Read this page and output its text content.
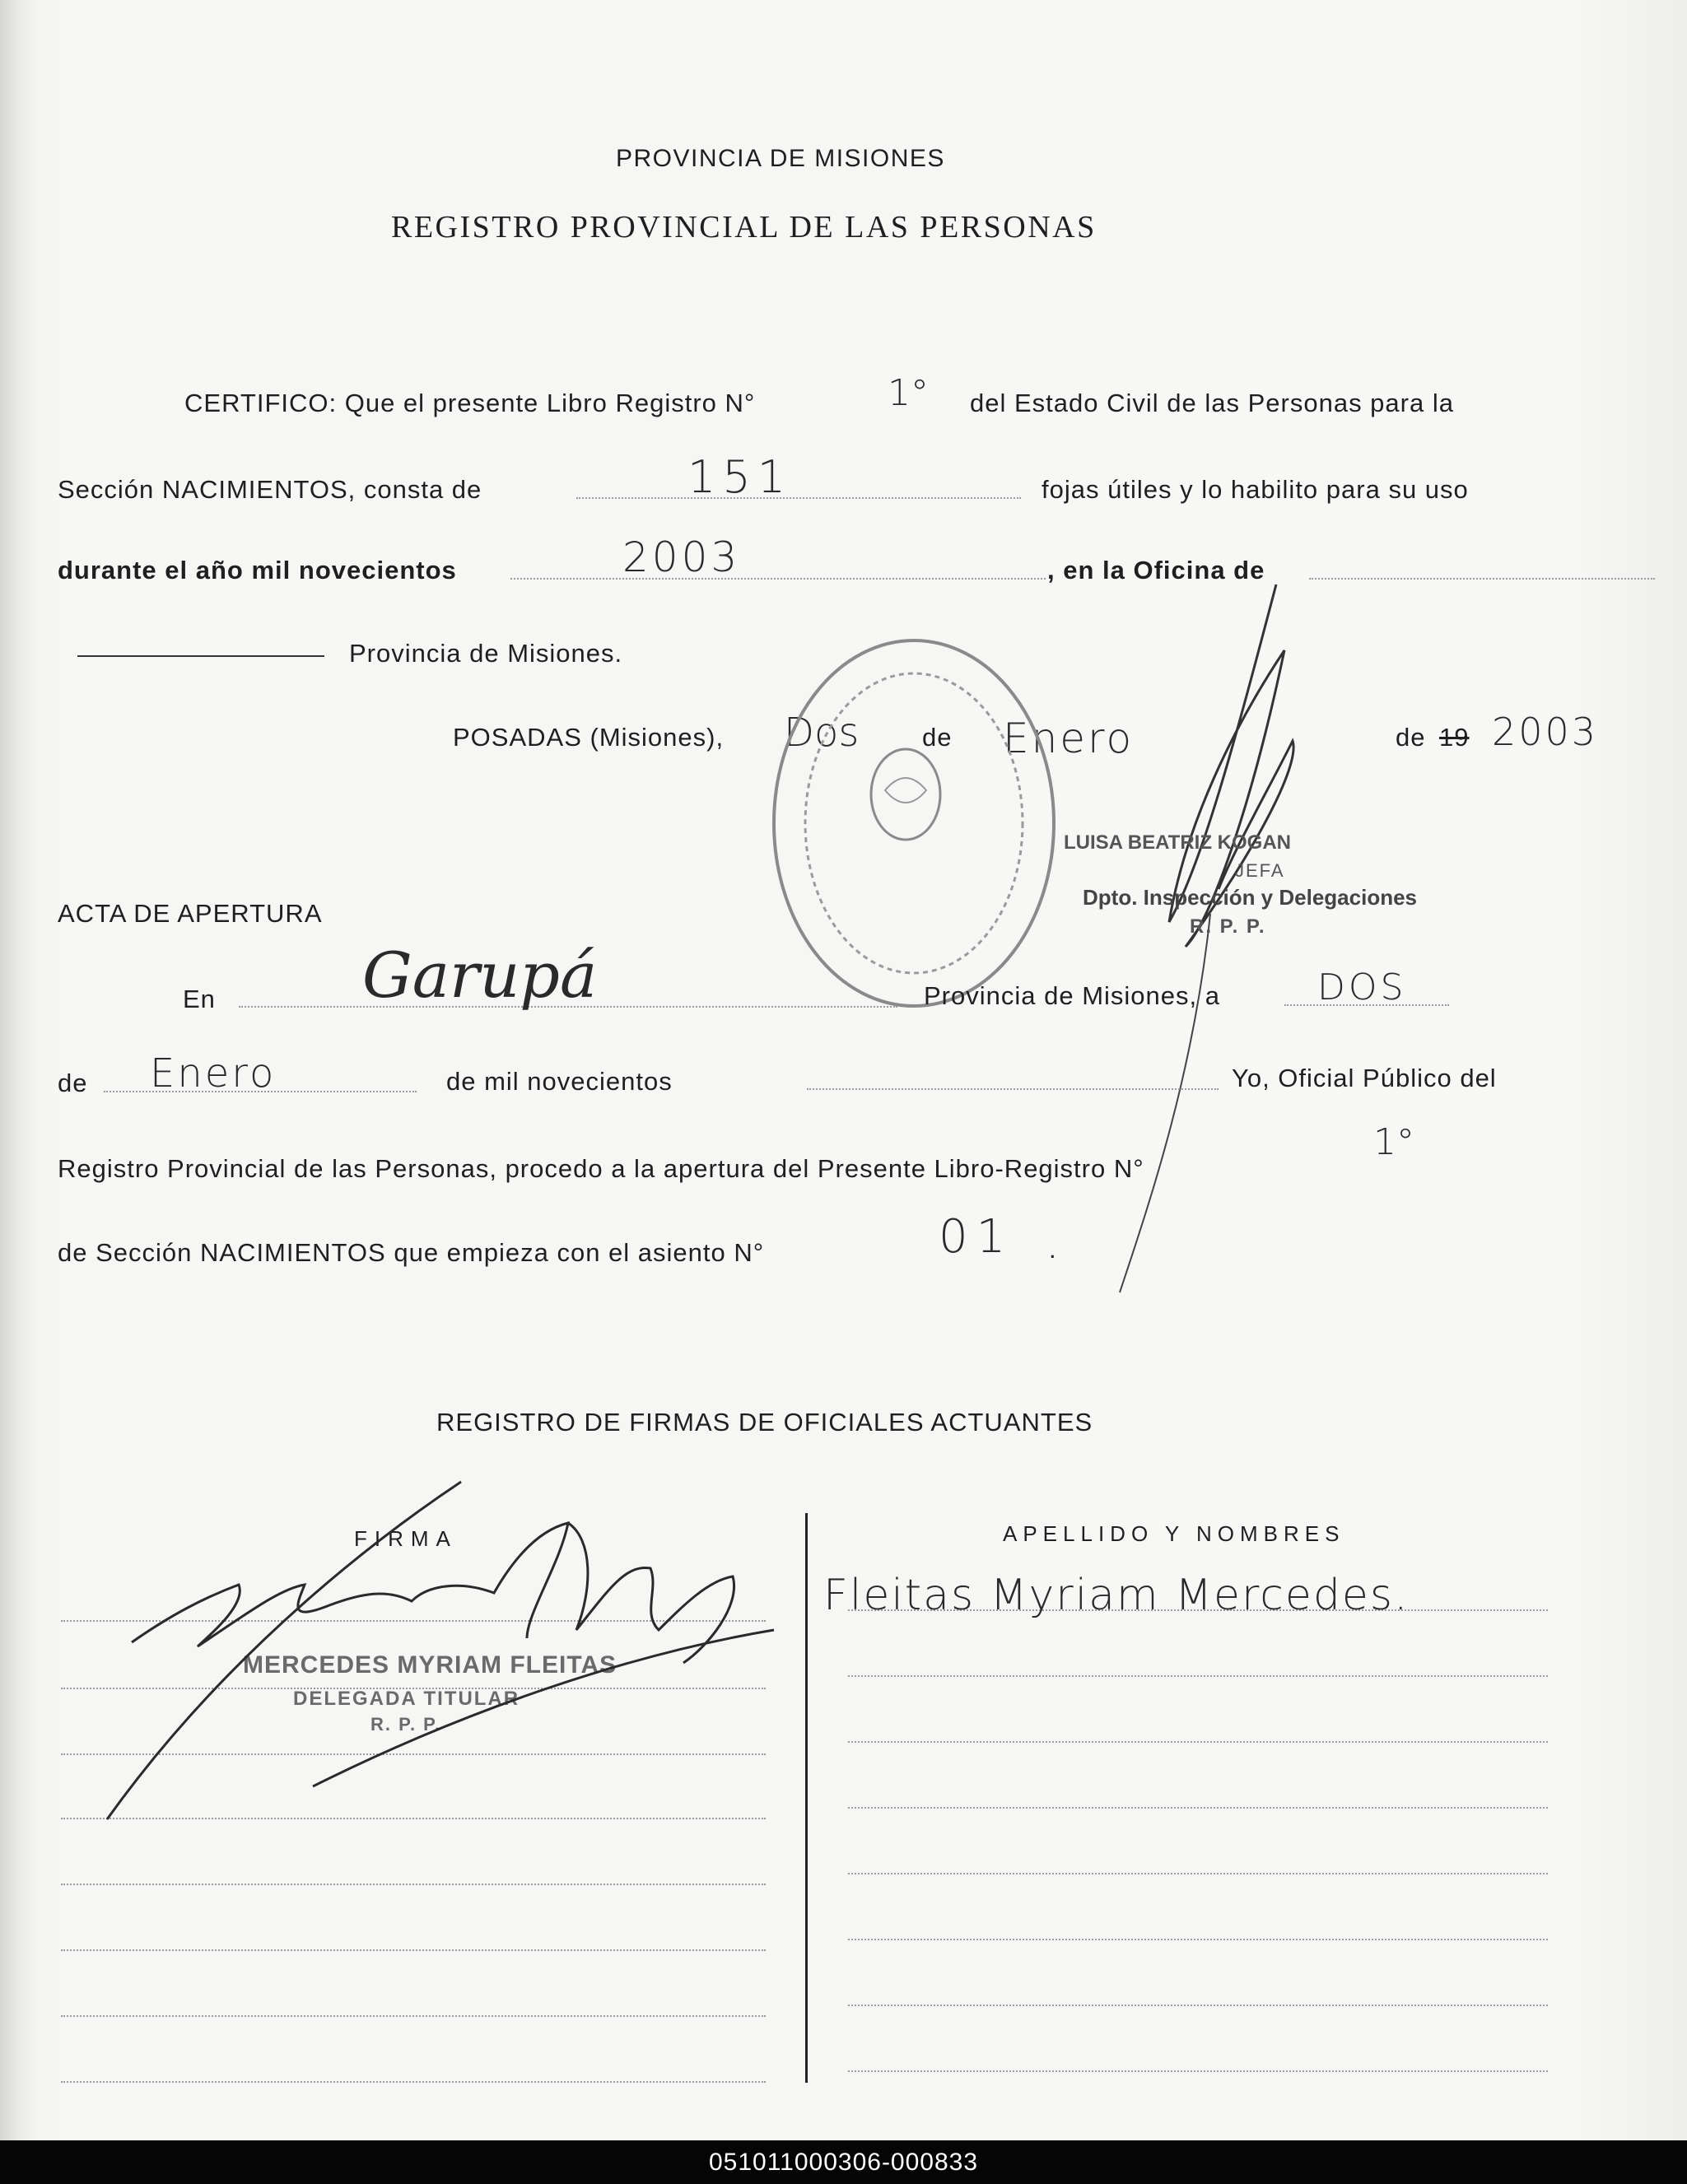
PROVINCIA DE MISIONES
REGISTRO PROVINCIAL DE LAS PERSONAS
CERTIFICO: Que el presente Libro Registro N°	1° del Estado Civil de las Personas para la
Sección NACIMIENTOS, consta de	151	fojas útiles y lo habilito para su uso
durante el año mil novecientos	2003	, en la Oficina de
Provincia de Misiones.
POSADAS (Misiones), Dos de Enero	de 19 2003
LUISA BEATRIZ KOGAN
JEFA
Dpto. Inspección y Delegaciones
R. P. P.
ACTA DE APERTURA
En Garupá	Provincia de Misiones, a	DOS
de Enero	de mil novecientos	Yo, Oficial Público del
Registro Provincial de las Personas, procedo a la apertura del Presente Libro-Registro N°
1°
de Sección NACIMIENTOS que empieza con el asiento N°	01 .
REGISTRO DE FIRMAS DE OFICIALES ACTUANTES
FIRMA	APELLIDO Y NOMBRES
Fleitas Myriam Mercedes.
MERCEDES MYRIAM FLEITAS
DELEGADA TITULAR
R. P. P.
051011000306-000833
